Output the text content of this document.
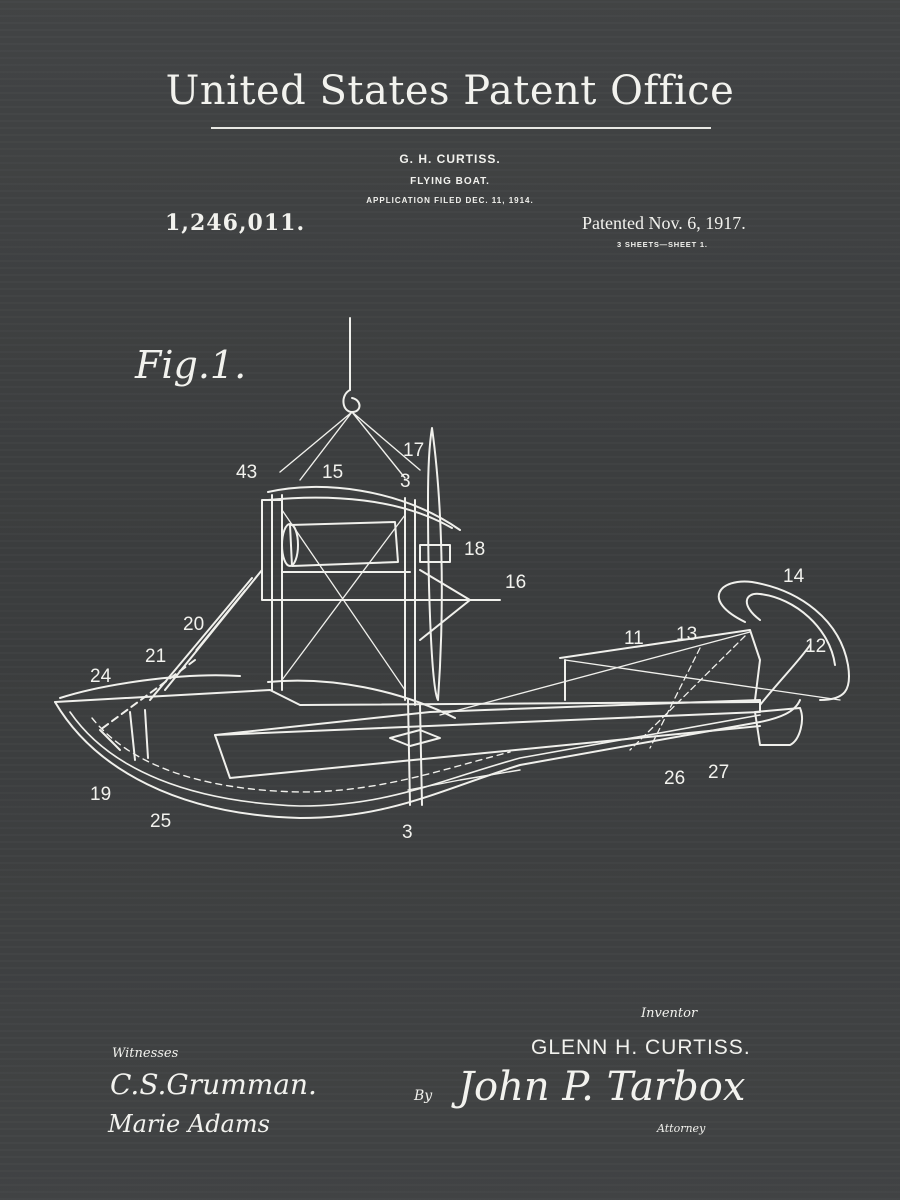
United States Patent Office
G. H. CURTISS.
FLYING BOAT.
APPLICATION FILED DEC. 11, 1914.
1,246,011.	Patented Nov. 6, 1917.
3 SHEETS—SHEET 1.
Fig.1.
43	15
17
3
18
16
20
21
24
19
25
3
11 13
14
12
26 27
Witnesses
C.S.Grumman.
Marie Adams
Inventor
GLENN H. CURTISS.
By John P. Tarbox
Attorney
